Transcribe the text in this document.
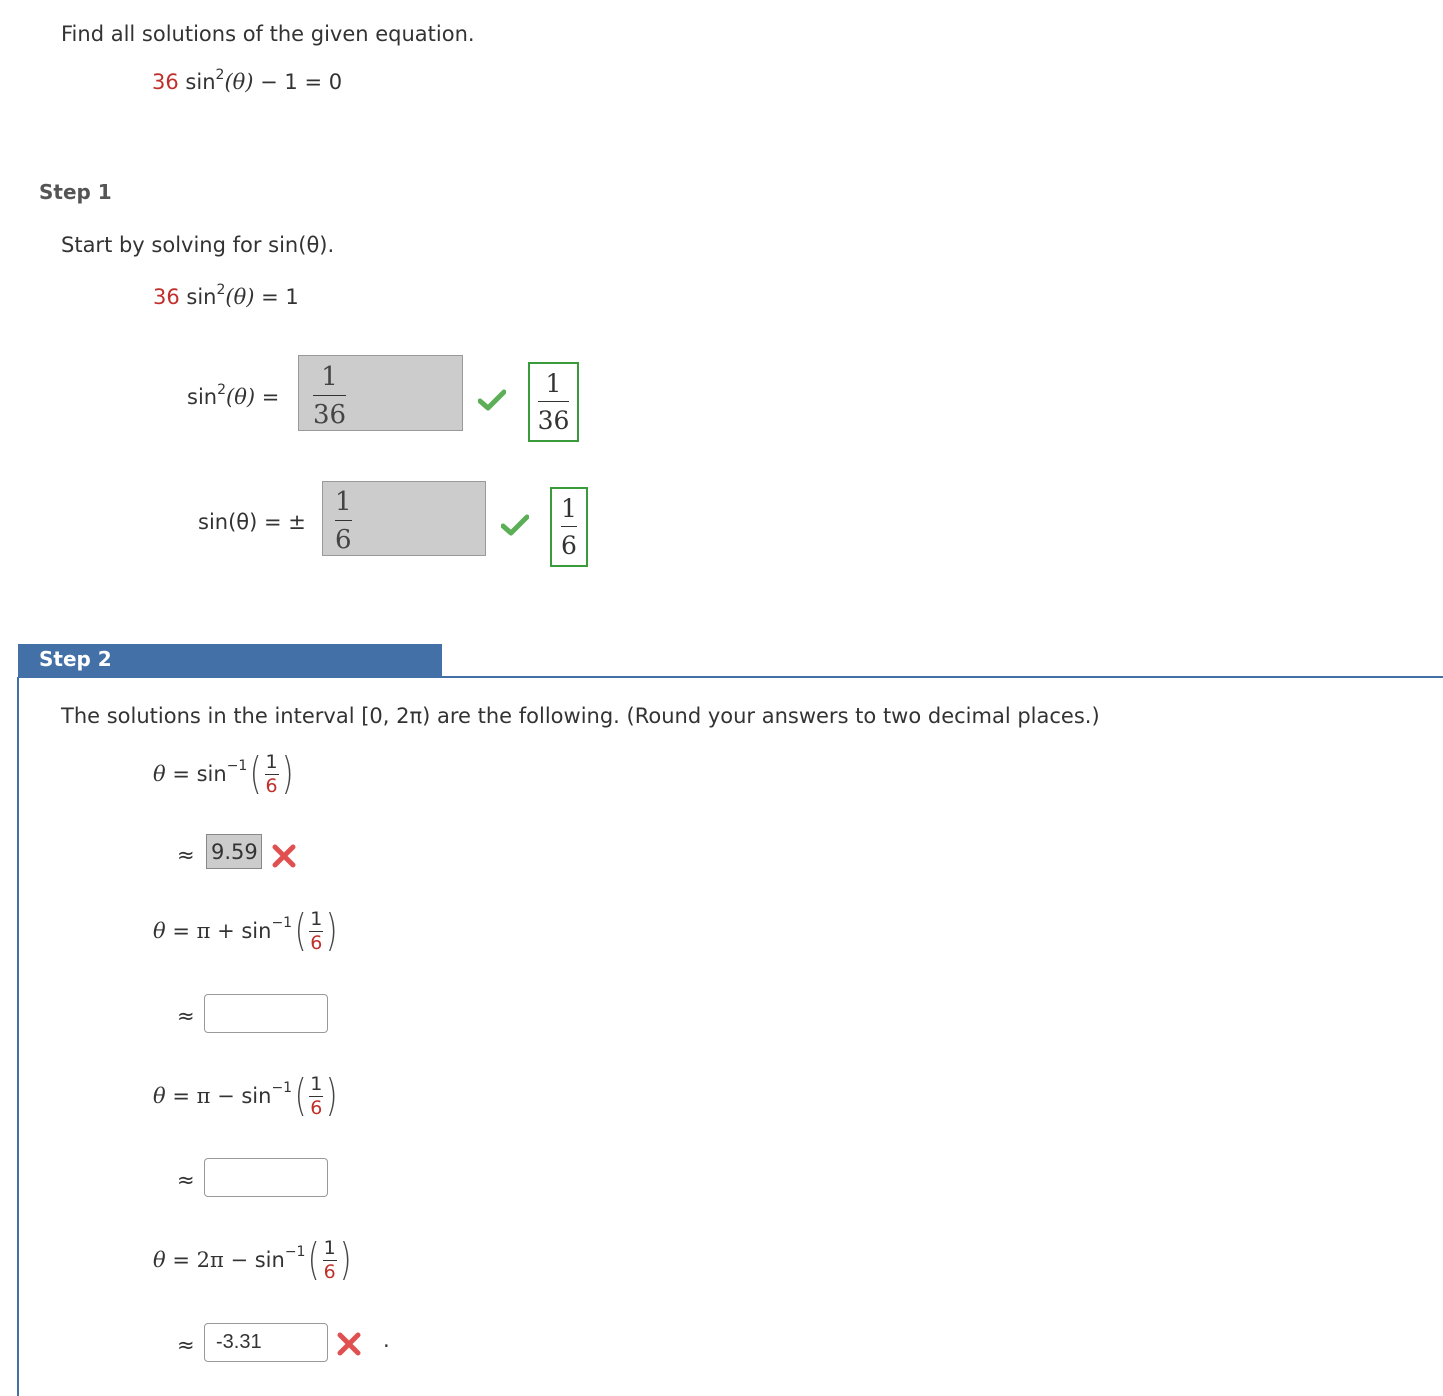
Find all solutions of the given equation.
36 $\sin^2(\theta) - 1 = 0$
Step 1
Start by solving for sin(θ).
36 $\sin^2(\theta) = 1$
$\sin^2(\theta)$ =
1
36	$\frac{1}{36}$
sin(θ) = ±
1
6	$\frac{1}{6}$
Step 2
The solutions in the interval [0, 2π) are the following. (Round your answers to two decimal places.)
θ = sin −1 ( 1
6 )
≈ 9.59
θ = π + sin −1 ( 1
6 )
≈
θ = π − sin −1 ( 1
6 )
≈
θ = 2π − sin −1 ( 1
6 )
≈	-3.31	.
